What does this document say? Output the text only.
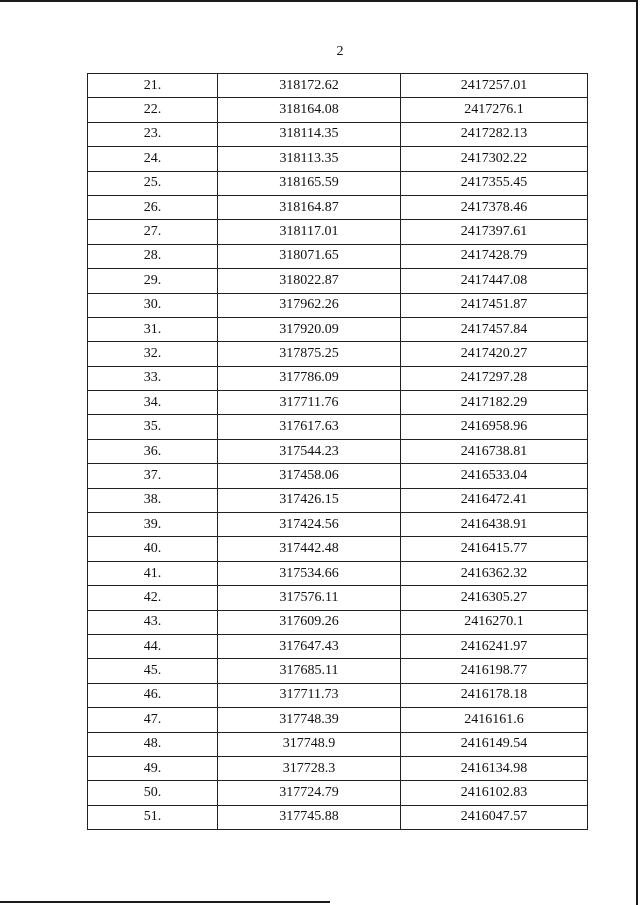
2
21.	318172.62	2417257.01
22.	318164.08	2417276.1
23.	318114.35	2417282.13
24.	318113.35	2417302.22
25.	318165.59	2417355.45
26.	318164.87	2417378.46
27.	318117.01	2417397.61
28.	318071.65	2417428.79
29.	318022.87	2417447.08
30.	317962.26	2417451.87
31.	317920.09	2417457.84
32.	317875.25	2417420.27
33.	317786.09	2417297.28
34.	317711.76	2417182.29
35.	317617.63	2416958.96
36.	317544.23	2416738.81
37.	317458.06	2416533.04
38.	317426.15	2416472.41
39.	317424.56	2416438.91
40.	317442.48	2416415.77
41.	317534.66	2416362.32
42.	317576.11	2416305.27
43.	317609.26	2416270.1
44.	317647.43	2416241.97
45.	317685.11	2416198.77
46.	317711.73	2416178.18
47.	317748.39	2416161.6
48.	317748.9	2416149.54
49.	317728.3	2416134.98
50.	317724.79	2416102.83
51.	317745.88	2416047.57
